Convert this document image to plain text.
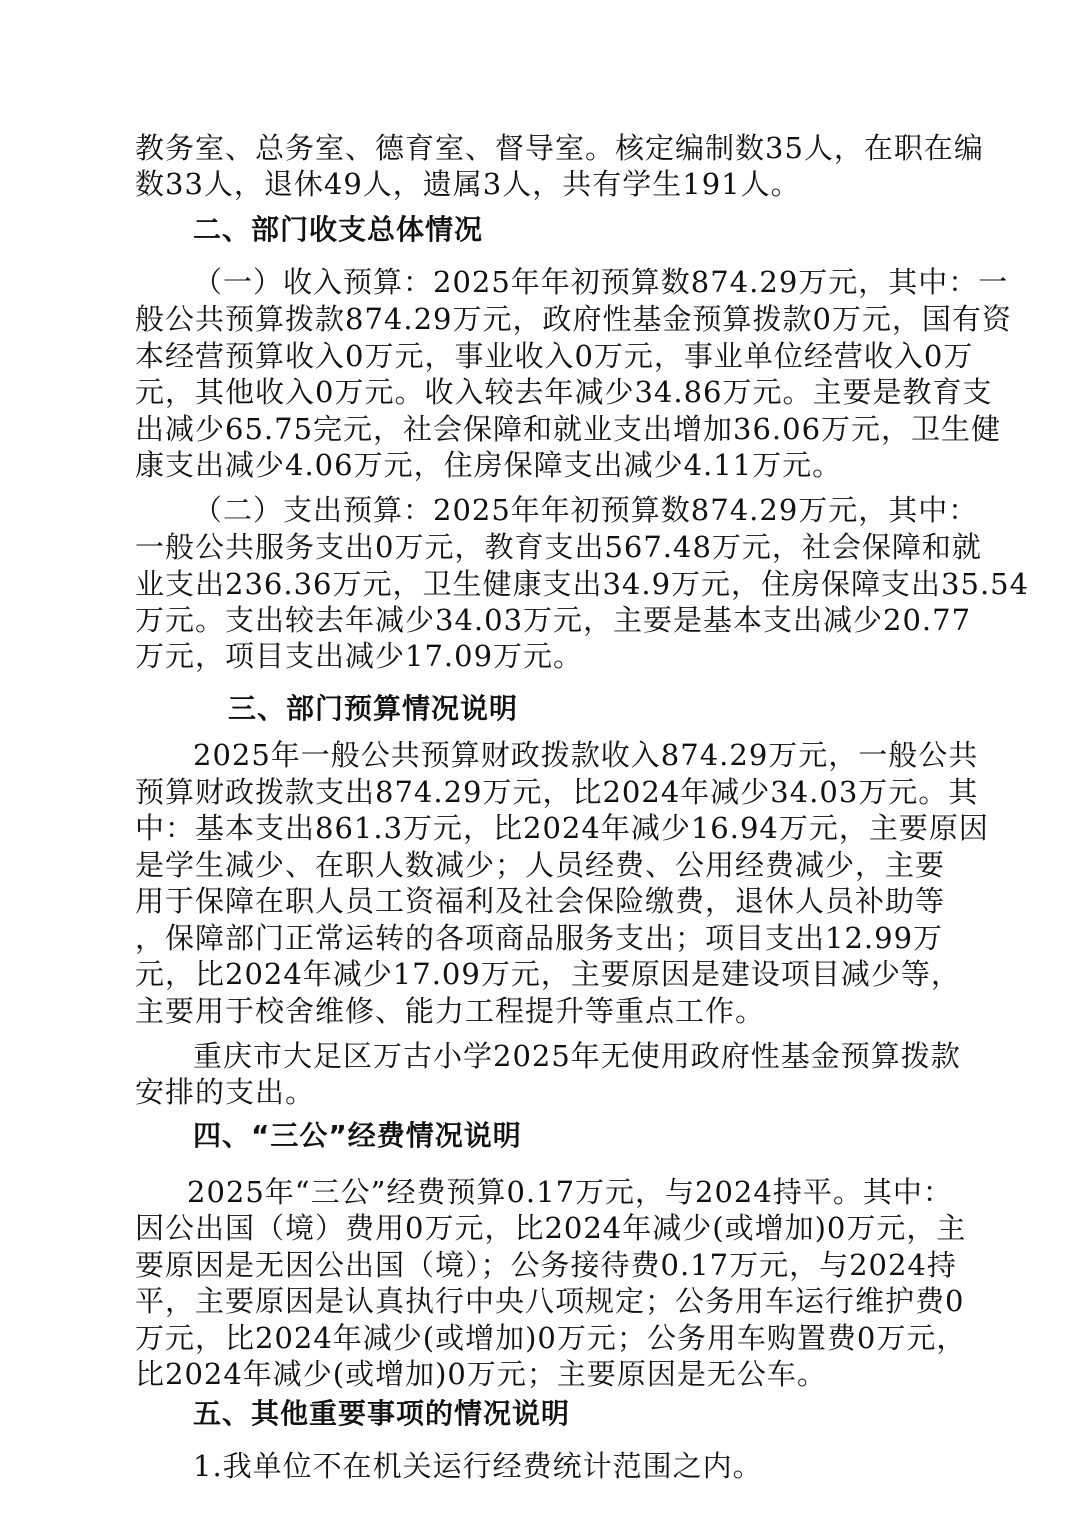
教务室、总务室、德育室、督导室。核定编制数35人，在职在编
数33人，退休49人，遗属3人，共有学生191人。
二、部门收支总体情况
（一）收入预算：2025年年初预算数874.29万元，其中：一
般公共预算拨款874.29万元，政府性基金预算拨款0万元，国有资
本经营预算收入0万元，事业收入0万元，事业单位经营收入0万
元，其他收入0万元。收入较去年减少34.86万元。主要是教育支
出减少65.75完元，社会保障和就业支出增加36.06万元，卫生健
康支出减少4.06万元，住房保障支出减少4.11万元。
（二）支出预算：2025年年初预算数874.29万元，其中：
一般公共服务支出0万元，教育支出567.48万元，社会保障和就
业支出236.36万元，卫生健康支出34.9万元，住房保障支出35.54
万元。支出较去年减少34.03万元，主要是基本支出减少20.77
万元，项目支出减少17.09万元。
三、部门预算情况说明
2025年一般公共预算财政拨款收入874.29万元，一般公共
预算财政拨款支出874.29万元，比2024年减少34.03万元。其
中：基本支出861.3万元，比2024年减少16.94万元，主要原因
是学生减少、在职人数减少；人员经费、公用经费减少，主要
用于保障在职人员工资福利及社会保险缴费，退休人员补助等
，保障部门正常运转的各项商品服务支出；项目支出12.99万
元，比2024年减少17.09万元，主要原因是建设项目减少等，
主要用于校舍维修、能力工程提升等重点工作。
重庆市大足区万古小学2025年无使用政府性基金预算拨款
安排的支出。
四、“三公”经费情况说明
2025年“三公”经费预算0.17万元，与2024持平。其中：
因公出国（境）费用0万元，比2024年减少(或增加)0万元，主
要原因是无因公出国（境）；公务接待费0.17万元，与2024持
平，主要原因是认真执行中央八项规定；公务用车运行维护费0
万元，比2024年减少(或增加)0万元；公务用车购置费0万元，
比2024年减少(或增加)0万元；主要原因是无公车。
五、其他重要事项的情况说明
1.我单位不在机关运行经费统计范围之内。
